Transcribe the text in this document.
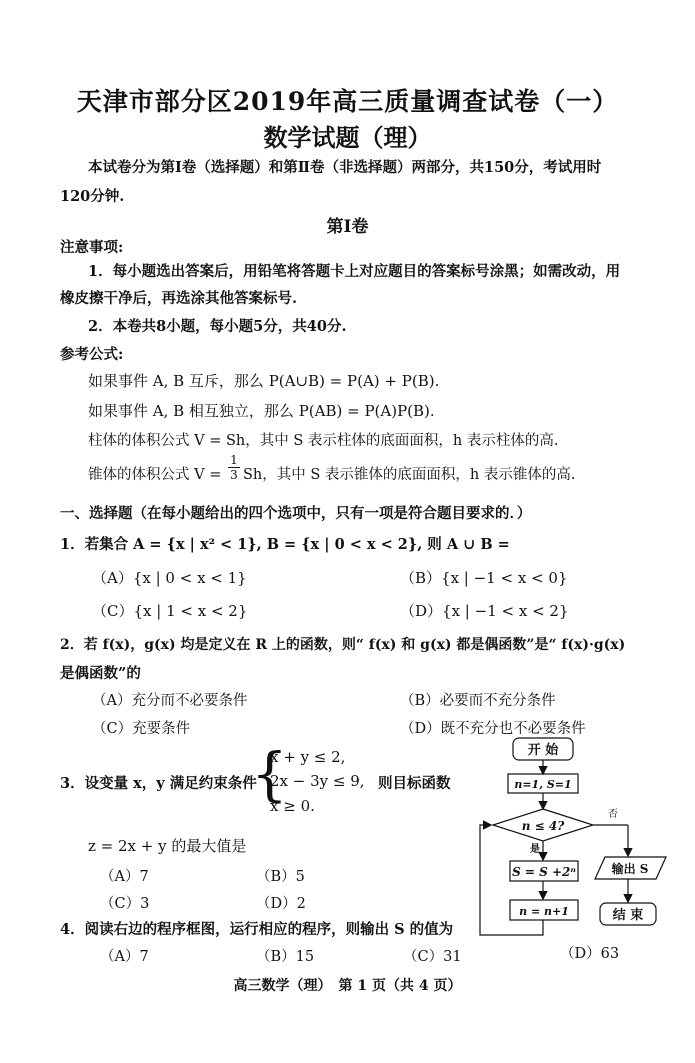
天津市部分区2019年高三质量调查试卷（一）
数学试题（理）
本试卷分为第Ⅰ卷（选择题）和第Ⅱ卷（非选择题）两部分，共150分，考试用时
120分钟.
第Ⅰ卷
注意事项:
1．每小题选出答案后，用铅笔将答题卡上对应题目的答案标号涂黑；如需改动，用
橡皮擦干净后，再选涂其他答案标号.
2．本卷共8小题，每小题5分，共40分.
参考公式:
如果事件 A, B 互斥，那么 P(A∪B) = P(A) + P(B).
如果事件 A, B 相互独立，那么 P(AB) = P(A)P(B).
柱体的体积公式 V = Sh，其中 S 表示柱体的底面面积，h 表示柱体的高.
锥体的体积公式 $V = \frac{1}{3}$ Sh，其中 S 表示锥体的底面面积，h 表示锥体的高.
一、选择题（在每小题给出的四个选项中，只有一项是符合题目要求的．）
1．若集合 A = {x | x² < 1}, B = {x | 0 < x < 2}, 则 A ∪ B =
（A）{x | 0 < x < 1}	（B）{x | −1 < x < 0}
（C）{x | 1 < x < 2}	（D）{x | −1 < x < 2}
2．若 f(x)，g(x) 均是定义在 R 上的函数，则“ f(x) 和 g(x) 都是偶函数”是“ f(x)·g(x)
是偶函数”的
（A）充分而不必要条件	（B）必要而不充分条件
（C）充要条件	（D）既不充分也不必要条件
3．设变量 x，y 满足约束条件
{
x + y ≤ 2,
2x − 3y ≤ 9,
x ≥ 0.
则目标函数
z = 2x + y 的最大值是
（A）7	（B）5
（C）3	（D）2
4．阅读右边的程序框图，运行相应的程序，则输出 S 的值为
（A）7	（B）15	（C）31	（D）63
开 始
n=1, S=1
n ≤ 4?
否
是
S = S +2ⁿ
n = n+1
输出 S
结 束
高三数学（理）　第 1 页（共 4 页）
